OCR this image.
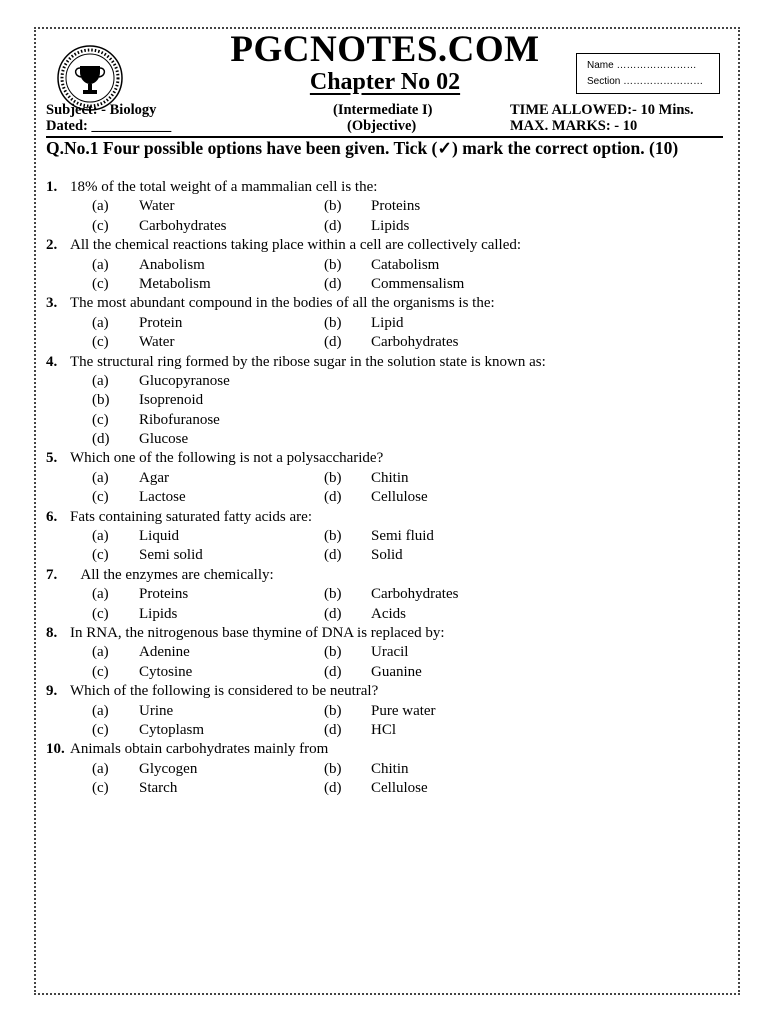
PGCNOTES.COM
Chapter No 02
Name ……………………
Section ……………………
Subject: - Biology
Dated: ___________
(Intermediate I)
(Objective)
TIME ALLOWED:- 10 Mins.
MAX. MARKS: - 10
Q.No.1 Four possible options have been given. Tick (✓) mark the correct option. (10)
1. 18% of the total weight of a mammalian cell is the:
(a) Water	(b) Proteins
(c) Carbohydrates	(d) Lipids
2. All the chemical reactions taking place within a cell are collectively called:
(a) Anabolism	(b) Catabolism
(c) Metabolism	(d) Commensalism
3. The most abundant compound in the bodies of all the organisms is the:
(a) Protein	(b) Lipid
(c) Water	(d) Carbohydrates
4. The structural ring formed by the ribose sugar in the solution state is known as:
(a) Glucopyranose
(b) Isoprenoid
(c) Ribofuranose
(d) Glucose
5. Which one of the following is not a polysaccharide?
(a) Agar	(b) Chitin
(c) Lactose	(d) Cellulose
6. Fats containing saturated fatty acids are:
(a) Liquid	(b) Semi fluid
(c) Semi solid	(d) Solid
7.   All the enzymes are chemically:
(a) Proteins	(b) Carbohydrates
(c) Lipids	(d) Acids
8. In RNA, the nitrogenous base thymine of DNA is replaced by:
(a) Adenine	(b) Uracil
(c) Cytosine	(d) Guanine
9. Which of the following is considered to be neutral?
(a) Urine	(b) Pure water
(c) Cytoplasm	(d) HCl
10. Animals obtain carbohydrates mainly from
(a) Glycogen	(b) Chitin
(c) Starch	(d) Cellulose
